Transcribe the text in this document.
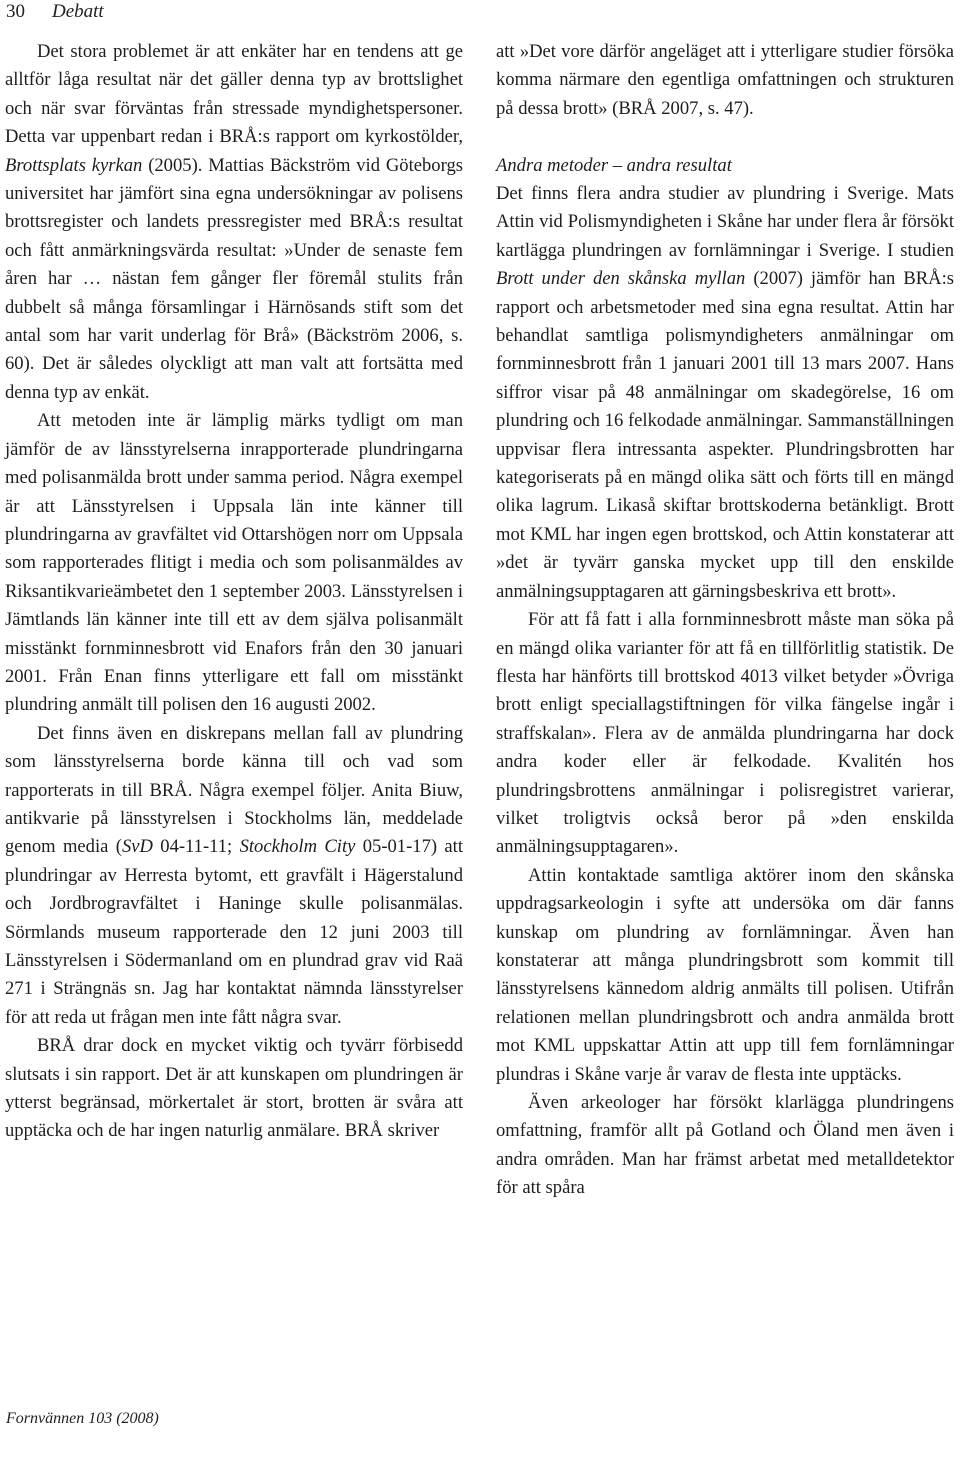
30 Debatt

Det stora problemet är att enkäter har en tendens att ge alltför låga resultat när det gäller denna typ av brottslighet och när svar förväntas från stressade myndighetspersoner. Detta var uppenbart redan i BRÅ:s rapport om kyrkostölder, Brottsplats kyrkan (2005). Mattias Bäckström vid Göteborgs universitet har jämfört sina egna undersökningar av polisens brottsregister och landets pressregister med BRÅ:s resultat och fått anmärkningsvärda resultat: »Under de senaste fem åren har … nästan fem gånger fler föremål stulits från dubbelt så många församlingar i Härnösands stift som det antal som har varit underlag för Brå» (Bäckström 2006, s. 60). Det är således olyckligt att man valt att fortsätta med denna typ av enkät.

Att metoden inte är lämplig märks tydligt om man jämför de av länsstyrelserna inrapporterade plundringarna med polisanmälda brott under samma period. Några exempel är att Länsstyrelsen i Uppsala län inte känner till plundringarna av gravfältet vid Ottarshögen norr om Uppsala som rapporterades flitigt i media och som polisanmäldes av Riksantikvarieämbetet den 1 september 2003. Länsstyrelsen i Jämtlands län känner inte till ett av dem själva polisanmält misstänkt fornminnesbrott vid Enafors från den 30 januari 2001. Från Enan finns ytterligare ett fall om misstänkt plundring anmält till polisen den 16 augusti 2002.

Det finns även en diskrepans mellan fall av plundring som länsstyrelserna borde känna till och vad som rapporterats in till BRÅ. Några exempel följer. Anita Biuw, antikvarie på länsstyrelsen i Stockholms län, meddelade genom media (SvD 04-11-11; Stockholm City 05-01-17) att plundringar av Herresta bytomt, ett gravfält i Hägerstalund och Jordbrogravfältet i Haninge skulle polisanmälas. Sörmlands museum rapporterade den 12 juni 2003 till Länsstyrelsen i Södermanland om en plundrad grav vid Raä 271 i Strängnäs sn. Jag har kontaktat nämnda länsstyrelser för att reda ut frågan men inte fått några svar.

BRÅ drar dock en mycket viktig och tyvärr förbisedd slutsats i sin rapport. Det är att kunskapen om plundringen är ytterst begränsad, mörkertalet är stort, brotten är svåra att upptäcka och de har ingen naturlig anmälare. BRÅ skriver

att »Det vore därför angeläget att i ytterligare studier försöka komma närmare den egentliga omfattningen och strukturen på dessa brott» (BRÅ 2007, s. 47).

Andra metoder – andra resultat

Det finns flera andra studier av plundring i Sverige. Mats Attin vid Polismyndigheten i Skåne har under flera år försökt kartlägga plundringen av fornlämningar i Sverige. I studien Brott under den skånska myllan (2007) jämför han BRÅ:s rapport och arbetsmetoder med sina egna resultat. Attin har behandlat samtliga polismyndigheters anmälningar om fornminnesbrott från 1 januari 2001 till 13 mars 2007. Hans siffror visar på 48 anmälningar om skadegörelse, 16 om plundring och 16 felkodade anmälningar. Sammanställningen uppvisar flera intressanta aspekter. Plundringsbrotten har kategoriserats på en mängd olika sätt och förts till en mängd olika lagrum. Likaså skiftar brottskoderna betänkligt. Brott mot KML har ingen egen brottskod, och Attin konstaterar att »det är tyvärr ganska mycket upp till den enskilde anmälningsupptagaren att gärningsbeskriva ett brott».

För att få fatt i alla fornminnesbrott måste man söka på en mängd olika varianter för att få en tillförlitlig statistik. De flesta har hänförts till brottskod 4013 vilket betyder »Övriga brott enligt speciallagstiftningen för vilka fängelse ingår i straffskalan». Flera av de anmälda plundringarna har dock andra koder eller är felkodade. Kvalitén hos plundringsbrottens anmälningar i polisregistret varierar, vilket troligtvis också beror på »den enskilda anmälningsupptagaren».

Attin kontaktade samtliga aktörer inom den skånska uppdragsarkeologin i syfte att undersöka om där fanns kunskap om plundring av fornlämningar. Även han konstaterar att många plundringsbrott som kommit till länsstyrelsens kännedom aldrig anmälts till polisen. Utifrån relationen mellan plundringsbrott och andra anmälda brott mot KML uppskattar Attin att upp till fem fornlämningar plundras i Skåne varje år varav de flesta inte upptäcks.

Även arkeologer har försökt klarlägga plundringens omfattning, framför allt på Gotland och Öland men även i andra områden. Man har främst arbetat med metalldetektor för att spåra

Fornvännen 103 (2008)
